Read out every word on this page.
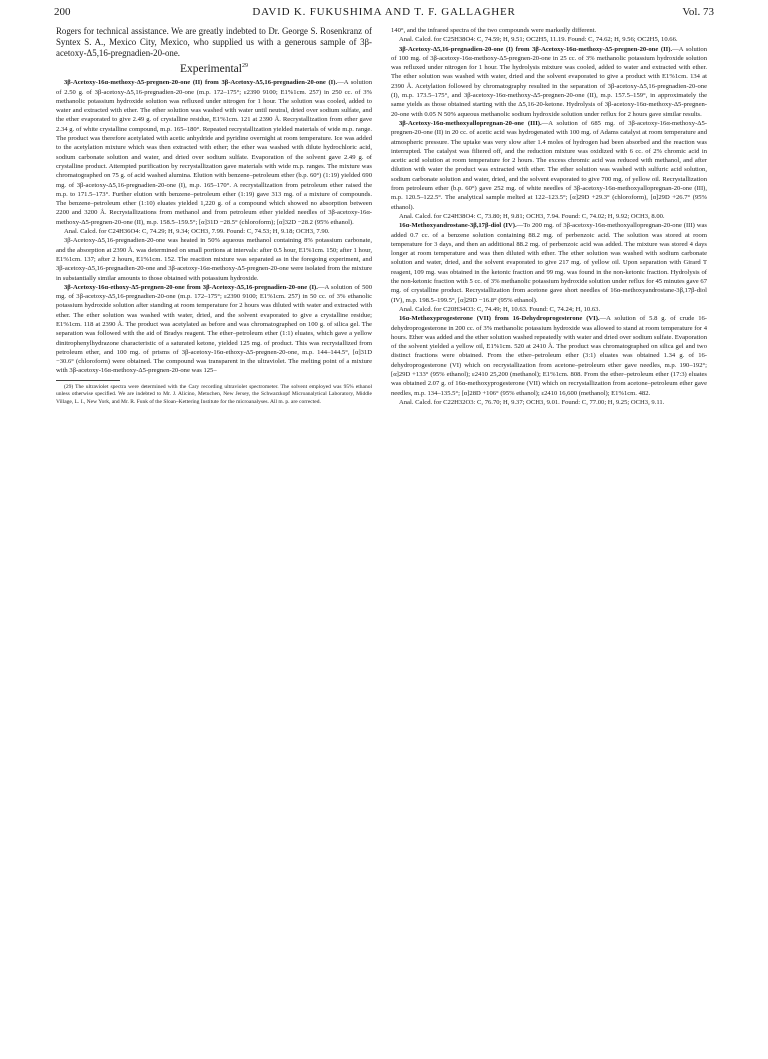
200	DAVID K. FUKUSHIMA AND T. F. GALLAGHER	Vol. 73

Rogers for technical assistance. We are greatly indebted to Dr. George S. Rosenkranz of Syntex S. A., Mexico City, Mexico, who supplied us with a generous sample of 3β-acetoxy-Δ5,16-pregnadien-20-one.

Experimental$^{29}$

3β-Acetoxy-16α-methoxy-Δ5-pregnen-20-one (II) from 3β-Acetoxy-Δ5,16-pregnadien-20-one (I).—A solution of 2.50 g. of 3β-acetoxy-Δ5,16-pregnadien-20-one (m.p. 172–175°; ε2390 9100; E1%1cm. 257) in 250 cc. of 3% methanolic potassium hydroxide solution was refluxed under nitrogen for 1 hour. The solution was cooled, added to water and extracted with ether. The ether solution was washed with water until neutral, dried over sodium sulfate, and the ether evaporated to give 2.49 g. of crystalline residue, E1%1cm. 121 at 2390 Å. Recrystallization from ether gave 2.34 g. of white crystalline compound, m.p. 165–180°. Repeated recrystallization yielded materials of wide m.p. range. The product was therefore acetylated with acetic anhydride and pyridine overnight at room temperature. Ice was added to the acetylation mixture which was then extracted with ether; the ether was washed with dilute hydrochloric acid, sodium carbonate solution and water, and dried over sodium sulfate. Evaporation of the solvent gave 2.49 g. of crystalline product. Attempted purification by recrystallization gave materials with wide m.p. ranges. The mixture was chromatographed on 75 g. of acid washed alumina. Elution with benzene–petroleum ether (b.p. 60°) (1:19) yielded 690 mg. of 3β-acetoxy-Δ5,16-pregnadien-20-one (I), m.p. 165–170°. A recrystallization from petroleum ether raised the m.p. to 171.5–173°. Further elution with benzene–petroleum ether (1:19) gave 313 mg. of a mixture of compounds. The benzene–petroleum ether (1:10) eluates yielded 1,220 g. of a compound which showed no absorption between 2200 and 3200 Å. Recrystallizations from methanol and from petroleum ether yielded needles of 3β-acetoxy-16α-methoxy-Δ5-pregnen-20-one (II), m.p. 158.5–159.5°; [α]31D −28.5° (chloroform); [α]32D −28.2 (95% ethanol).

Anal. Calcd. for C24H36O4: C, 74.29; H, 9.34; OCH3, 7.99. Found: C, 74.53; H, 9.18; OCH3, 7.90.

3β-Acetoxy-Δ5,16-pregnadien-20-one was heated in 50% aqueous methanol containing 8% potassium carbonate, and the absorption at 2390 Å. was determined on small portions at intervals: after 0.5 hour, E1%1cm. 150; after 1 hour, E1%1cm. 137; after 2 hours, E1%1cm. 152. The reaction mixture was separated as in the foregoing experiment, and 3β-acetoxy-Δ5,16-pregnadien-20-one and 3β-acetoxy-16α-methoxy-Δ5-pregnen-20-one were isolated from the mixture in substantially similar amounts to those obtained with potassium hydroxide.

3β-Acetoxy-16α-ethoxy-Δ5-pregnen-20-one from 3β-Acetoxy-Δ5,16-pregnadien-20-one (I).—A solution of 500 mg. of 3β-acetoxy-Δ5,16-pregnadien-20-one (m.p. 172–175°; ε2390 9100; E1%1cm. 257) in 50 cc. of 3% ethanolic potassium hydroxide solution after standing at room temperature for 2 hours was diluted with water and extracted with ether. The ether solution was washed with water, dried, and the solvent evaporated to give a crystalline residue; E1%1cm. 118 at 2390 Å. The product was acetylated as before and was chromatographed on 100 g. of silica gel. The separation was followed with the aid of Bradys reagent. The ether–petroleum ether (1:1) eluates, which gave a yellow dinitrophenylhydrazone characteristic of a saturated ketone, yielded 125 mg. of product. This was recrystallized from petroleum ether, and 100 mg. of prisms of 3β-acetoxy-16α-ethoxy-Δ5-pregnen-20-one, m.p. 144–144.5°, [α]31D −30.6° (chloroform) were obtained. The compound was transparent in the ultraviolet. The melting point of a mixture with 3β-acetoxy-16α-methoxy-Δ5-pregnen-20-one was 125–

(29) The ultraviolet spectra were determined with the Cary recording ultraviolet spectrometer. The solvent employed was 95% ethanol unless otherwise specified. We are indebted to Mr. J. Alicino, Metuchen, New Jersey, the Schwarzkopf Microanalytical Laboratory, Middle Village, L. I., New York, and Mr. R. Funk of the Sloan–Kettering Institute for the microanalyses. All m. p. are corrected.

140°, and the infrared spectra of the two compounds were markedly different.

Anal. Calcd. for C25H38O4: C, 74.59; H, 9.51; OC2H5, 11.19. Found: C, 74.62; H, 9.56; OC2H5, 10.66.

3β-Acetoxy-Δ5,16-pregnadien-20-one (I) from 3β-Acetoxy-16α-methoxy-Δ5-pregnen-20-one (II).—A solution of 100 mg. of 3β-acetoxy-16α-methoxy-Δ5-pregnen-20-one in 25 cc. of 3% methanolic potassium hydroxide solution was refluxed under nitrogen for 1 hour. The hydrolysis mixture was cooled, added to water and extracted with ether. The ether solution was washed with water, dried and the solvent evaporated to give a product with E1%1cm. 134 at 2390 Å. Acetylation followed by chromatography resulted in the separation of 3β-acetoxy-Δ5,16-pregnadien-20-one (I), m.p. 173.5–175°, and 3β-acetoxy-16α-methoxy-Δ5-pregnen-20-one (II), m.p. 157.5–159°, in approximately the same yields as those obtained starting with the Δ5,16-20-ketone. Hydrolysis of 3β-acetoxy-16α-methoxy-Δ5-pregnen-20-one with 0.05 N 50% aqueous methanolic sodium hydroxide solution under reflux for 2 hours gave similar results.

3β-Acetoxy-16α-methoxyallopregnan-20-one (III).—A solution of 685 mg. of 3β-acetoxy-16α-methoxy-Δ5-pregnen-20-one (II) in 20 cc. of acetic acid was hydrogenated with 100 mg. of Adams catalyst at room temperature and atmospheric pressure. The uptake was very slow after 1.4 moles of hydrogen had been absorbed and the reaction was interrupted. The catalyst was filtered off, and the reduction mixture was oxidized with 6 cc. of 2% chromic acid in acetic acid solution at room temperature for 2 hours. The excess chromic acid was reduced with methanol, and after dilution with water the product was extracted with ether. The ether solution was washed with sulfuric acid solution, sodium carbonate solution and water, dried, and the solvent evaporated to give 700 mg. of yellow oil. Recrystallization from petroleum ether (b.p. 60°) gave 252 mg. of white needles of 3β-acetoxy-16α-methoxyallopregnan-20-one (III), m.p. 120.5–122.5°. The analytical sample melted at 122–123.5°; [α]29D +29.3° (chloroform), [α]29D +26.7° (95% ethanol).

Anal. Calcd. for C24H38O4: C, 73.80; H, 9.81; OCH3, 7.94. Found: C, 74.02; H, 9.92; OCH3, 8.00.

16α-Methoxyandrostane-3β,17β-diol (IV).—To 200 mg. of 3β-acetoxy-16α-methoxyallopregnan-20-one (III) was added 0.7 cc. of a benzene solution containing 88.2 mg. of perbenzoic acid. The solution was stored at room temperature for 3 days, and then an additional 88.2 mg. of perbenzoic acid was added. The mixture was stored 4 days longer at room temperature and was then diluted with ether. The ether solution was washed with sodium carbonate solution and water, dried, and the solvent evaporated to give 217 mg. of yellow oil. Upon separation with Girard T reagent, 109 mg. was obtained in the ketonic fraction and 99 mg. was found in the non-ketonic fraction. Hydrolysis of the non-ketonic fraction with 5 cc. of 3% methanolic potassium hydroxide solution under reflux for 45 minutes gave 67 mg. of crystalline product. Recrystallization from acetone gave short needles of 16α-methoxyandrostane-3β,17β-diol (IV), m.p. 198.5–199.5°, [α]29D −16.8° (95% ethanol).

Anal. Calcd. for C20H34O3: C, 74.49; H, 10.63. Found: C, 74.24; H, 10.63.

16α-Methoxyprogesterone (VII) from 16-Dehydroprogesterone (VI).—A solution of 5.8 g. of crude 16-dehydroprogesterone in 200 cc. of 3% methanolic potassium hydroxide was allowed to stand at room temperature for 4 hours. Ether was added and the ether solution washed repeatedly with water and dried over sodium sulfate. Evaporation of the solvent yielded a yellow oil, E1%1cm. 520 at 2410 Å. The product was chromatographed on silica gel and two distinct fractions were obtained. From the ether–petroleum ether (3:1) eluates was obtained 1.34 g. of 16-dehydroprogesterone (VI) which on recrystallization from acetone–petroleum ether gave needles, m.p. 190–192°; [α]29D +133° (95% ethanol); ε2410 25,200 (methanol); E1%1cm. 808. From the ether–petroleum ether (17:3) eluates was obtained 2.07 g. of 16α-methoxyprogesterone (VII) which on recrystallization from acetone–petroleum ether gave needles, m.p. 134–135.5°; [α]28D +106° (95% ethanol); ε2410 16,600 (methanol); E1%1cm. 482.

Anal. Calcd. for C22H32O3: C, 76.70; H, 9.37; OCH3, 9.01. Found: C, 77.00; H, 9.25; OCH3, 9.11.
